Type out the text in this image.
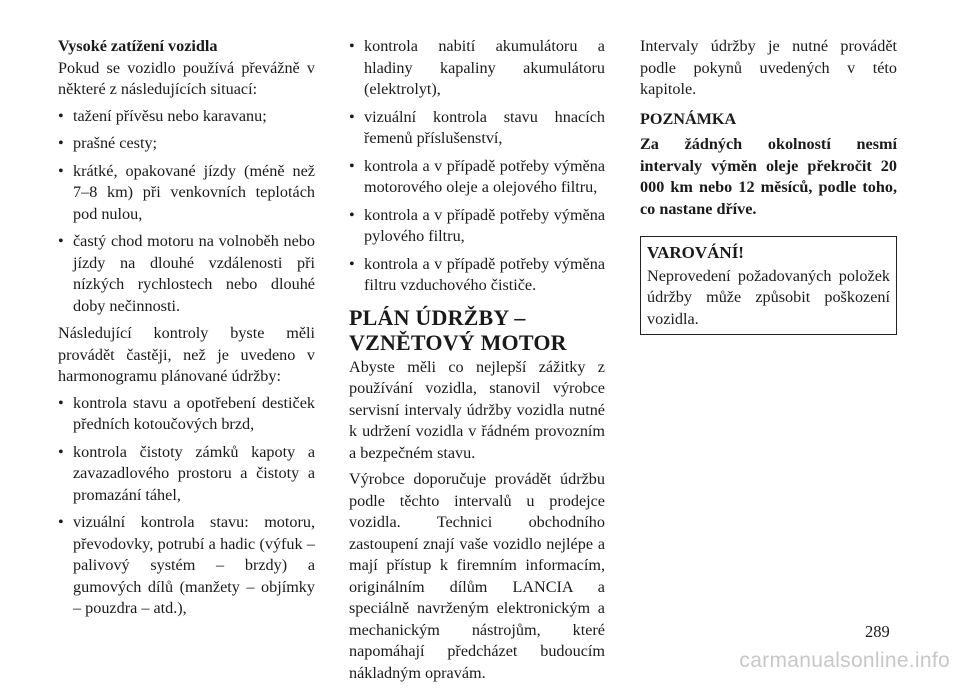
Vysoké zatížení vozidla

Pokud se vozidlo používá převážně v některé z následujících situací:

• tažení přívěsu nebo karavanu;
• prašné cesty;
• krátké, opakované jízdy (méně než 7–8 km) při venkovních teplotách pod nulou,
• častý chod motoru na volnoběh nebo jízdy na dlouhé vzdálenosti při nízkých rychlostech nebo dlouhé doby nečinnosti.

Následující kontroly byste měli provádět častěji, než je uvedeno v harmonogramu plánované údržby:

• kontrola stavu a opotřebení destiček předních kotoučových brzd,
• kontrola čistoty zámků kapoty a zavazadlového prostoru a čistoty a promazání táhel,
• vizuální kontrola stavu: motoru, převodovky, potrubí a hadic (výfuk – palivový systém – brzdy) a gumových dílů (manžety – objímky – pouzdra – atd.),
• kontrola nabití akumulátoru a hladiny kapaliny akumulátoru (elektrolyt),
• vizuální kontrola stavu hnacích řemenů příslušenství,
• kontrola a v případě potřeby výměna motorového oleje a olejového filtru,
• kontrola a v případě potřeby výměna pylového filtru,
• kontrola a v případě potřeby výměna filtru vzduchového čističe.
PLÁN ÚDRŽBY – VZNĚTOVÝ MOTOR

Abyste měli co nejlepší zážitky z používání vozidla, stanovil výrobce servisní intervaly údržby vozidla nutné k udržení vozidla v řádném provozním a bezpečném stavu.

Výrobce doporučuje provádět údržbu podle těchto intervalů u prodejce vozidla. Technici obchodního zastoupení znají vaše vozidlo nejlépe a mají přístup k firemním informacím, originálním dílům LANCIA a speciálně navrženým elektronickým a mechanickým nástrojům, které napomáhají předcházet budoucím nákladným opravám.

Intervaly údržby je nutné provádět podle pokynů uvedených v této kapitole.

POZNÁMKA

Za žádných okolností nesmí intervaly výměn oleje překročit 20 000 km nebo 12 měsíců, podle toho, co nastane dříve.

VAROVÁNÍ!

Neprovedení požadovaných položek údržby může způsobit poškození vozidla.

289
carmanualsonline.info
